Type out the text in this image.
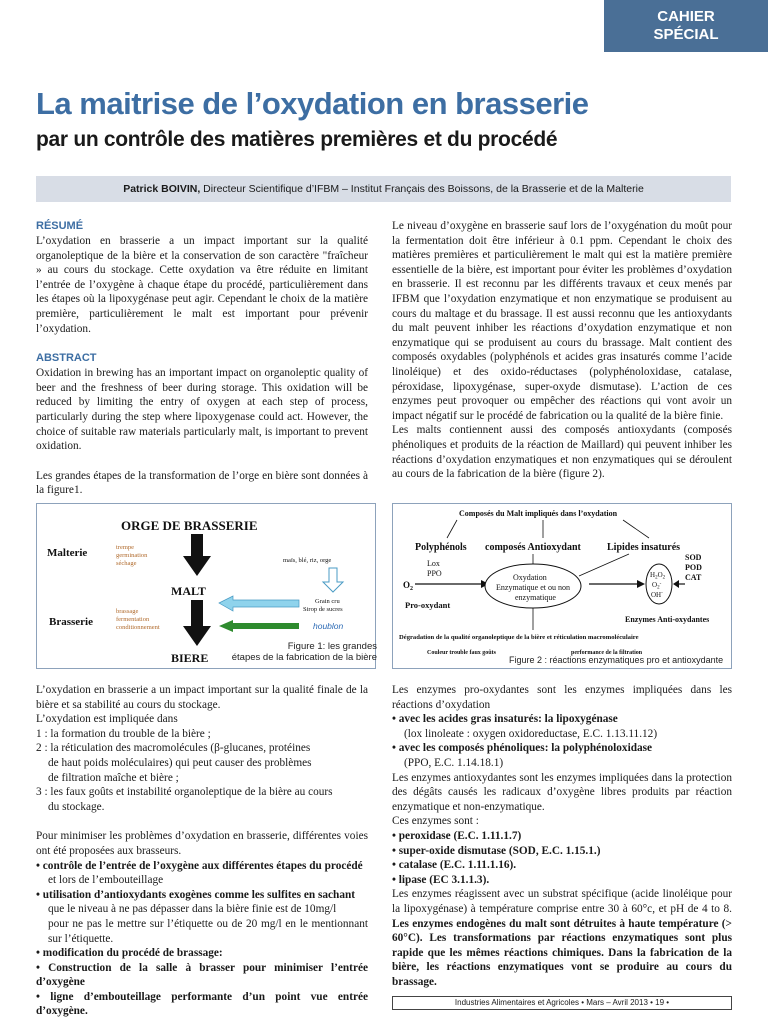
CAHIER
SPÉCIAL
La maitrise de l’oxydation en brasserie
par un contrôle des matières premières et du procédé
Patrick BOIVIN, Directeur Scientifique d’IFBM – Institut Français des Boissons, de la Brasserie et de la Malterie

RÉSUMÉ

L’oxydation en brasserie a un impact important sur la qualité organoleptique de la bière et la conservation de son caractère "fraîcheur » au cours du stockage. Cette oxydation va être réduite en limitant l’entrée de l’oxygène à chaque étape du procédé, particulièrement dans les étapes où la lipoxygénase peut agir. Cependant le choix de la matière première, particulièrement le malt est important pour prévenir l’oxydation.

ABSTRACT

Oxidation in brewing has an important impact on organoleptic quality of beer and the freshness of beer during storage. This oxidation will be reduced by limiting the entry of oxygen at each step of process, particularly during the step where lipoxygenase could act. However, the choice of suitable raw materials particularly malt, is important to prevent oxidation.

Les grandes étapes de la transformation de l’orge en bière sont données à la figure1.

Le niveau d’oxygène en brasserie sauf lors de l’oxygénation du moût pour la fermentation doit être inférieur à 0.1 ppm. Cependant le choix des matières premières et particulièrement le malt qui est la matière première essentielle de la bière, est important pour éviter les problèmes d’oxydation en brasserie. Il est reconnu par les différents travaux et ceux menés par IFBM que l’oxydation enzymatique et non enzymatique se produisent au cours du maltage et du brassage. Il est aussi reconnu que les antioxydants du malt peuvent inhiber les réactions d’oxydation enzymatique et non enzymatique qui se produisent au cours du brassage. Malt contient des composés oxydables (polyphénols et acides gras insaturés comme l’acide linoléique) et des oxido-réductases (polyphénoloxidase, catalase, péroxidase, lipoxygénase, super-oxyde dismutase). L’action de ces enzymes peut provoquer ou empêcher des réactions qui vont avoir un impact négatif sur le procédé de fabrication ou la qualité de la bière finie.

Les malts contiennent aussi des composés antioxydants (composés phénoliques et produits de la réaction de Maillard) qui peuvent inhiber les réactions d’oxydation enzymatiques et non enzymatiques qui se déroulent au cours de la fabrication de la bière (figure 2).

ORGE DE BRASSERIE
Malterie	trempe
germination
séchage
MALT
maïs, blé, riz, orge
Grain cru
Sirop de sucres
houblon
Brasserie
brassage
fermentation
conditionnement
BIERE
Figure 1: les grandes
étapes de la fabrication de la bière
Composés du Malt impliqués dans l’oxydation
Polyphénols composés Antioxydant	Lipides insaturés
Lox
PPO
$O_2$
Pro-oxydant
Oxydation
Enzymatique et ou non
enzymatique
$H_2O_2$
$O_2^-$
OH-
SOD
POD
CAT
Enzymes Anti-oxydantes
Dégradation de la qualité organoleptique de la bière et réticulation macromoléculaire
Couleur trouble faux goûts	performance de la filtration
Figure 2 : réactions enzymatiques pro et antioxydante

L’oxydation en brasserie a un impact important sur la qualité finale de la bière et sa stabilité au cours du stockage.

L’oxydation est impliquée dans

1 : la formation du trouble de la bière ;

2 : la réticulation des macromolécules (β-glucanes, protéines

de haut poids moléculaires) qui peut causer des problèmes

de filtration maîche et bière ;

3 : les faux goûts et instabilité organoleptique de la bière au cours

du stockage.

Pour minimiser les problèmes d’oxydation en brasserie, différentes voies ont été proposées aux brasseurs.

• contrôle de l’entrée de l’oxygène aux différentes étapes du procédé

et lors de l’embouteillage

• utilisation d’antioxydants exogènes comme les sulfites en sachant

que le niveau à ne pas dépasser dans la bière finie est de 10mg/l

pour ne pas le mettre sur l’étiquette ou de 20 mg/l en le mentionnant sur l’étiquette.

• modification du procédé de brassage:

• Construction de la salle à brasser pour minimiser l’entrée d’oxygène

• ligne d’embouteillage performante d’un point vue entrée d’oxygène.

Les enzymes pro-oxydantes sont les enzymes impliquées dans les réactions d’oxydation

• avec les acides gras insaturés: la lipoxygénase

(lox linoleate : oxygen oxidoreductase, E.C. 1.13.11.12)

• avec les composés phénoliques: la polyphénoloxidase

(PPO, E.C. 1.14.18.1)

Les enzymes antioxydantes sont les enzymes impliquées dans la protection des dégâts causés les radicaux d’oxygène libres produits par réaction enzymatique et non-enzymatique.

Ces enzymes sont :

• peroxidase (E.C. 1.11.1.7)

• super-oxide dismutase (SOD, E.C. 1.15.1.)

• catalase (E.C. 1.11.1.16).

• lipase (EC 3.1.1.3).

Les enzymes réagissent avec un substrat spécifique (acide linoléique pour la lipoxygénase) à température comprise entre 30 à 60°c, et pH de 4 to 8. Les enzymes endogènes du malt sont détruites à haute température (> 60°C). Les transformations par réactions enzymatiques sont plus rapide que les mêmes réactions chimiques. Dans la fabrication de la bière, les réactions enzymatiques vont se produire au cours du brassage.

Industries Alimentaires et Agricoles • Mars – Avril 2013 • 19 •
